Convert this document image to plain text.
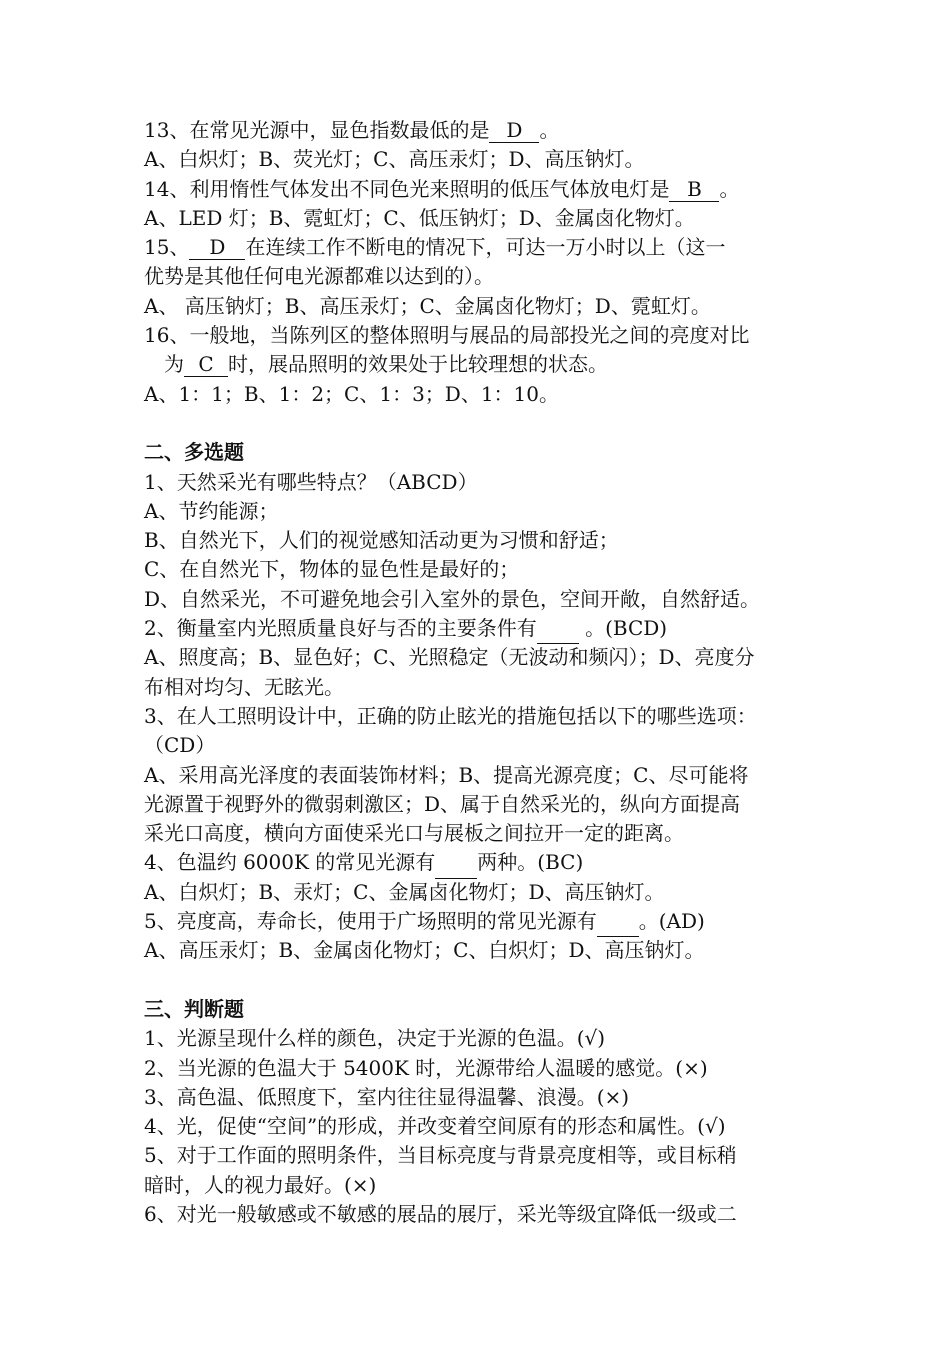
13、在常见光源中，显色指数最低的是 D 。
A、白炽灯；B、荧光灯；C、高压汞灯；D、高压钠灯。
14、利用惰性气体发出不同色光来照明的低压气体放电灯是 B 。
A、LED 灯；B、霓虹灯；C、低压钠灯；D、金属卤化物灯。
15、 D 在连续工作不断电的情况下，可达一万小时以上（这一
优势是其他任何电光源都难以达到的）。
A、 高压钠灯；B、高压汞灯；C、金属卤化物灯；D、霓虹灯。
16、一般地，当陈列区的整体照明与展品的局部投光之间的亮度对比
为 C 时，展品照明的效果处于比较理想的状态。
A、1：1；B、1：2；C、1：3；D、1：10。
二、多选题
1、天然采光有哪些特点？（ABCD）
A、节约能源；
B、自然光下，人们的视觉感知活动更为习惯和舒适；
C、在自然光下，物体的显色性是最好的；
D、自然采光，不可避免地会引入室外的景色，空间开敞，自然舒适。
2、衡量室内光照质量良好与否的主要条件有  。(BCD)
A、照度高；B、显色好；C、光照稳定（无波动和频闪）；D、亮度分
布相对均匀、无眩光。
3、在人工照明设计中，正确的防止眩光的措施包括以下的哪些选项：
（CD）
A、采用高光泽度的表面装饰材料；B、提高光源亮度；C、尽可能将
光源置于视野外的微弱刺激区；D、属于自然采光的，纵向方面提高
采光口高度，横向方面使采光口与展板之间拉开一定的距离。
4、色温约 6000K 的常见光源有 两种。(BC)
A、白炽灯；B、汞灯；C、金属卤化物灯；D、高压钠灯。
5、亮度高，寿命长，使用于广场照明的常见光源有 。(AD)
A、高压汞灯；B、金属卤化物灯；C、白炽灯；D、高压钠灯。
三、判断题
1、光源呈现什么样的颜色，决定于光源的色温。(√)
2、当光源的色温大于 5400K 时，光源带给人温暖的感觉。(×)
3、高色温、低照度下，室内往往显得温馨、浪漫。(×)
4、光，促使“空间”的形成，并改变着空间原有的形态和属性。(√)
5、对于工作面的照明条件，当目标亮度与背景亮度相等，或目标稍
暗时，人的视力最好。(×)
6、对光一般敏感或不敏感的展品的展厅，采光等级宜降低一级或二
